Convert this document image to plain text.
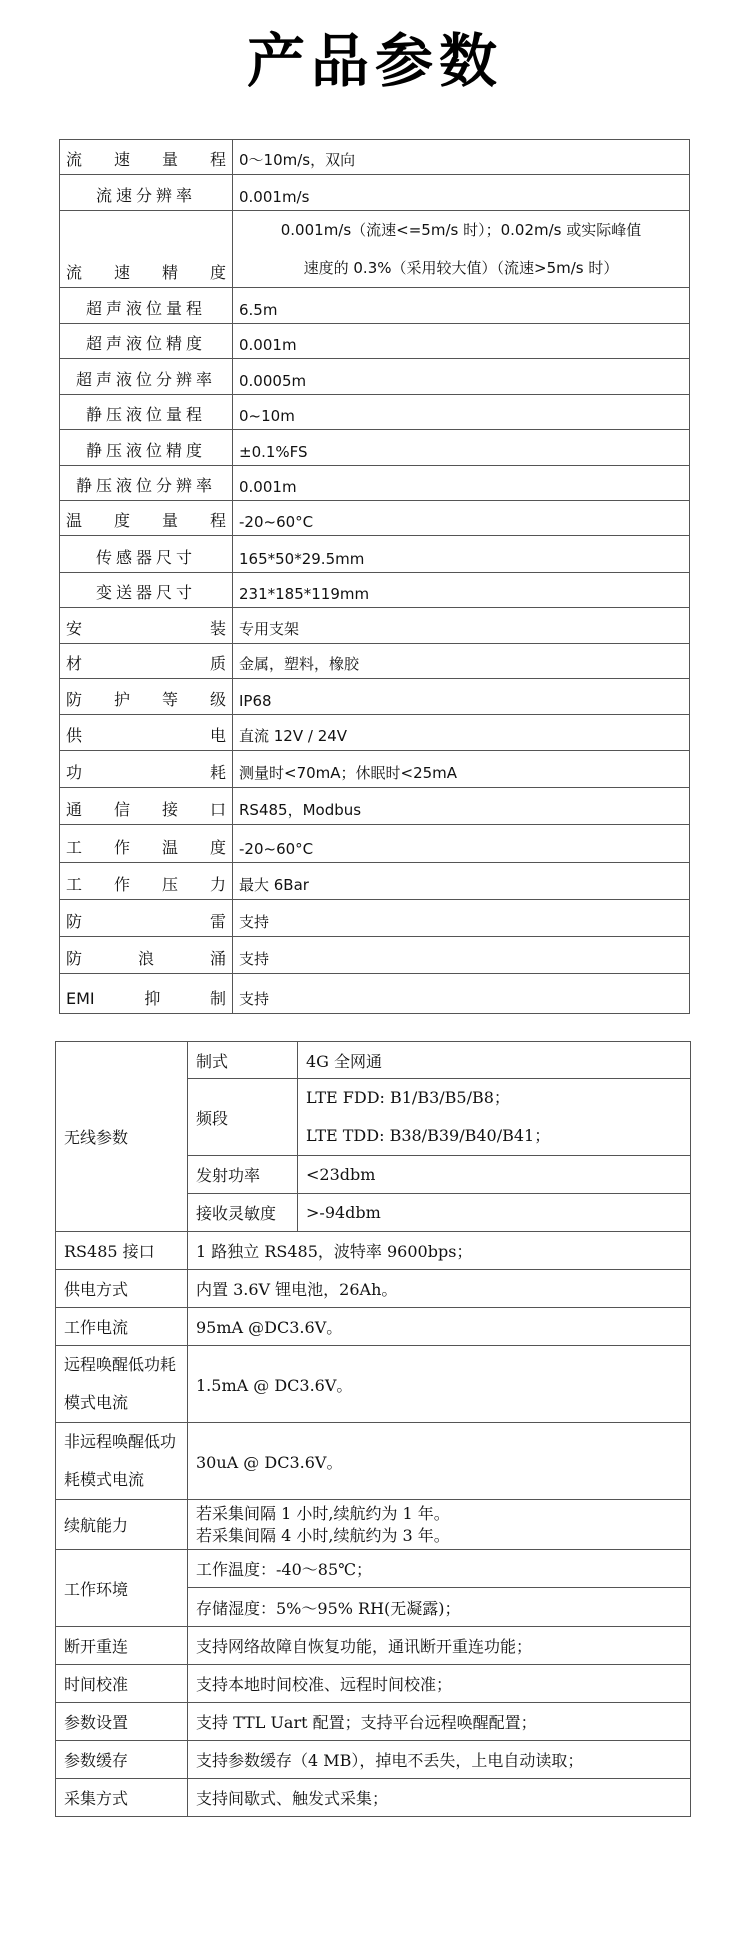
产品参数
流速量程	0～10m/s，双向

流速分辨率	0.001m/s

流速精度	0.001m/s（流速<=5m/s 时）；0.02m/s 或实际峰值
速度的 0.3%（采用较大值）（流速>5m/s 时）

超声液位量程	6.5m

超声液位精度	0.001m

超声液位分辨率	0.0005m

静压液位量程	0~10m

静压液位精度	±0.1%FS

静压液位分辨率	0.001m

温度量程	-20~60°C

传感器尺寸	165*50*29.5mm

变送器尺寸	231*185*119mm

安装	专用支架

材质	金属，塑料，橡胶

防护等级	IP68

供电	直流 12V / 24V

功耗	测量时<70mA；休眠时<25mA

通信接口	RS485，Modbus

工作温度	-20~60°C

工作压力	最大 6Bar

防雷	支持

防浪涌	支持

EMI抑制	支持
无线参数	制式	4G 全网通
	频段	LTE FDD: B1/B3/B5/B8；
LTE TDD: B38/B39/B40/B41；

	发射功率	<23dbm
	接收灵敏度	>-94dbm
RS485 接口	1 路独立 RS485，波特率 9600bps；	
供电方式	内置 3.6V 锂电池，26Ah。	
工作电流	95mA @DC3.6V。	
远程唤醒低功耗模式电流	1.5mA @ DC3.6V。	
非远程唤醒低功耗模式电流	30uA @ DC3.6V。	
续航能力	若采集间隔 1 小时,续航约为 1 年。
若采集间隔 4 小时,续航约为 3 年。	

工作环境	工作温度：-40～85℃；	
	存储湿度：5%～95% RH(无凝露)；	
断开重连	支持网络故障自恢复功能，通讯断开重连功能；	
时间校准	支持本地时间校准、远程时间校准；	
参数设置	支持 TTL Uart 配置；支持平台远程唤醒配置；	
参数缓存	支持参数缓存（4 MB），掉电不丢失，上电自动读取；	
采集方式	支持间歇式、触发式采集；	
